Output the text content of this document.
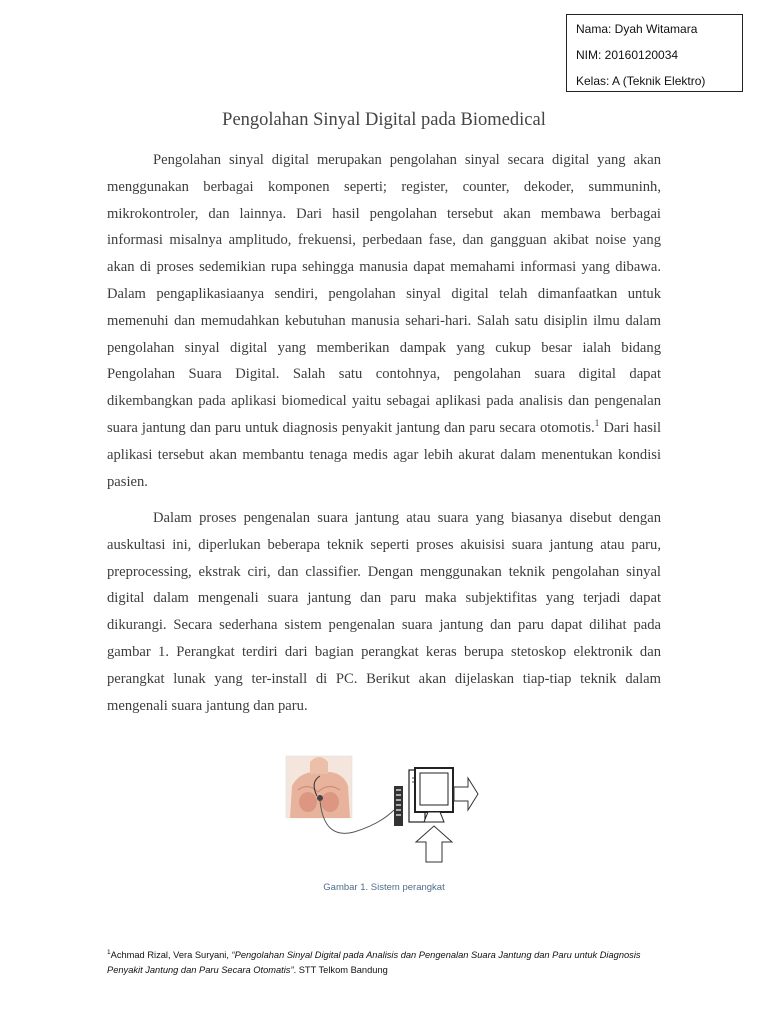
Nama: Dyah Witamara
NIM: 20160120034
Kelas: A (Teknik Elektro)
Pengolahan Sinyal Digital pada Biomedical

Pengolahan sinyal digital merupakan pengolahan sinyal secara digital yang akan menggunakan berbagai komponen seperti; register, counter, dekoder, summuninh, mikrokontroler, dan lainnya. Dari hasil pengolahan tersebut akan membawa berbagai informasi misalnya amplitudo, frekuensi, perbedaan fase, dan gangguan akibat noise yang akan di proses sedemikian rupa sehingga manusia dapat memahami informasi yang dibawa. Dalam pengaplikasiaanya sendiri, pengolahan sinyal digital telah dimanfaatkan untuk memenuhi dan memudahkan kebutuhan manusia sehari-hari. Salah satu disiplin ilmu dalam pengolahan sinyal digital yang memberikan dampak yang cukup besar ialah bidang Pengolahan Suara Digital. Salah satu contohnya, pengolahan suara digital dapat dikembangkan pada aplikasi biomedical yaitu sebagai aplikasi pada analisis dan pengenalan suara jantung dan paru untuk diagnosis penyakit jantung dan paru secara otomotis.$^1$ Dari hasil aplikasi tersebut akan membantu tenaga medis agar lebih akurat dalam menentukan kondisi pasien.

Dalam proses pengenalan suara jantung atau suara yang biasanya disebut dengan auskultasi ini, diperlukan beberapa teknik seperti proses akuisisi suara jantung atau paru, preprocessing, ekstrak ciri, dan classifier. Dengan menggunakan teknik pengolahan sinyal digital dalam mengenali suara jantung dan paru maka subjektifitas yang terjadi dapat dikurangi. Secara sederhana sistem pengenalan suara jantung dan paru dapat dilihat pada gambar 1. Perangkat terdiri dari bagian perangkat keras berupa stetoskop elektronik dan perangkat lunak yang ter-install di PC. Berikut akan dijelaskan tiap-tiap teknik dalam mengenali suara jantung dan paru.

Gambar 1. Sistem perangkat

$^1$Achmad Rizal, Vera Suryani, “Pengolahan Sinyal Digital pada Analisis dan Pengenalan Suara Jantung dan Paru untuk Diagnosis Penyakit Jantung dan Paru Secara Otomatis”. STT Telkom Bandung
